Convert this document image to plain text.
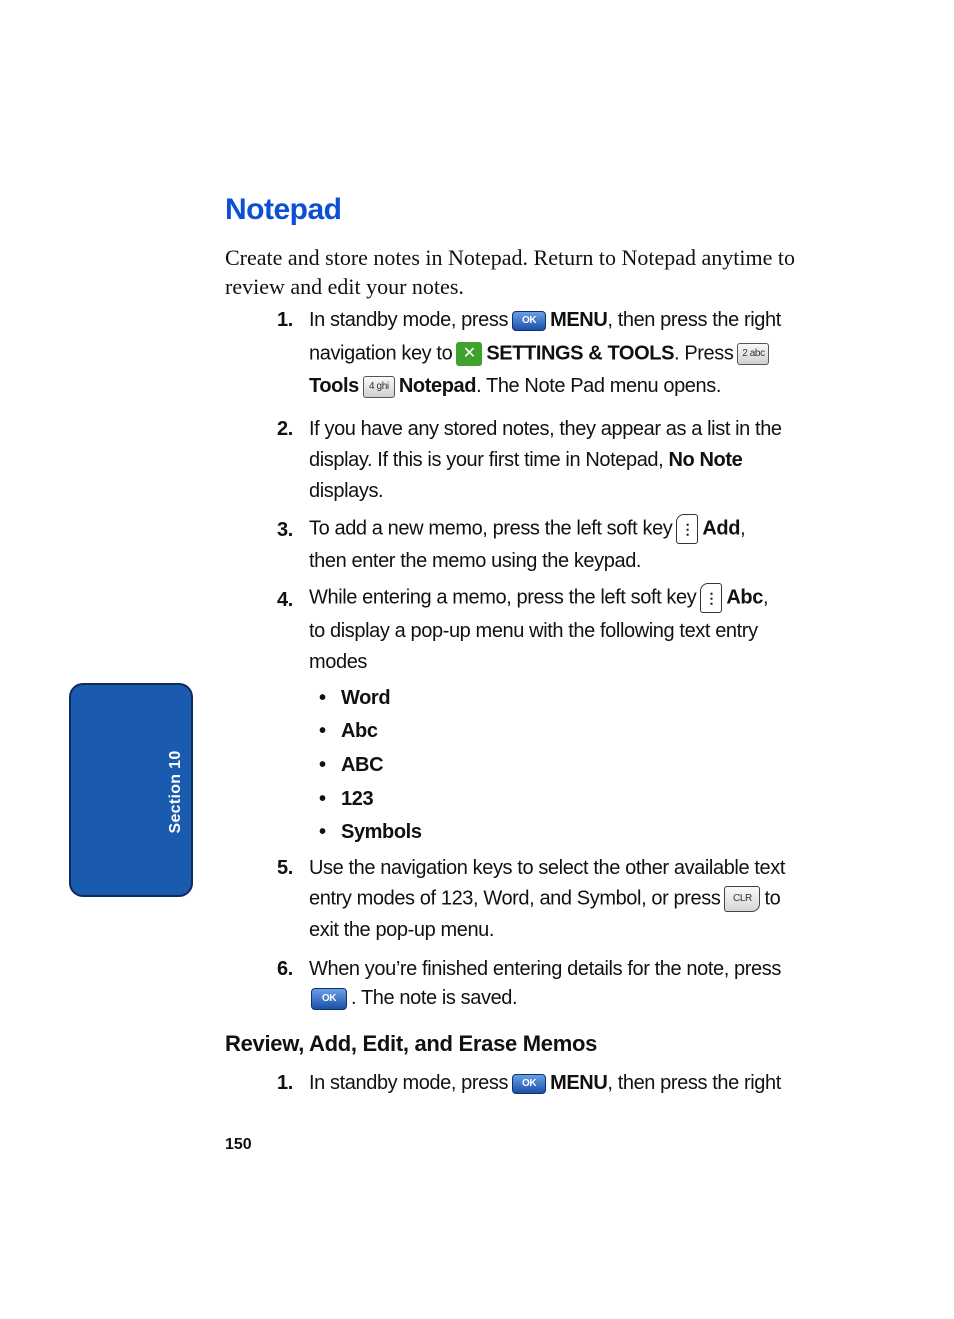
Section 10
Notepad

Create and store notes in Notepad. Return to Notepad anytime to review and edit your notes.

1. In standby mode, press OK MENU, then press the right
navigation key to ✕ SETTINGS & TOOLS. Press 2 abc
Tools 4 ghi Notepad. The Note Pad menu opens.
2. If you have any stored notes, they appear as a list in the display. If this is your first time in Notepad, No Note
displays.
3. To add a new memo, press the left soft key ⋮ Add,
then enter the memo using the keypad.
4. While entering a memo, press the left soft key ⋮ Abc,
to display a pop-up menu with the following text entry
modes
• Word
• Abc
• ABC
• 123
• Symbols
5. Use the navigation keys to select the other available text
entry modes of 123, Word, and Symbol, or press CLR to
exit the pop-up menu.
6. When you’re finished entering details for the note, press
OK . The note is saved.
Review, Add, Edit, and Erase Memos
1. In standby mode, press OK MENU, then press the right
150
